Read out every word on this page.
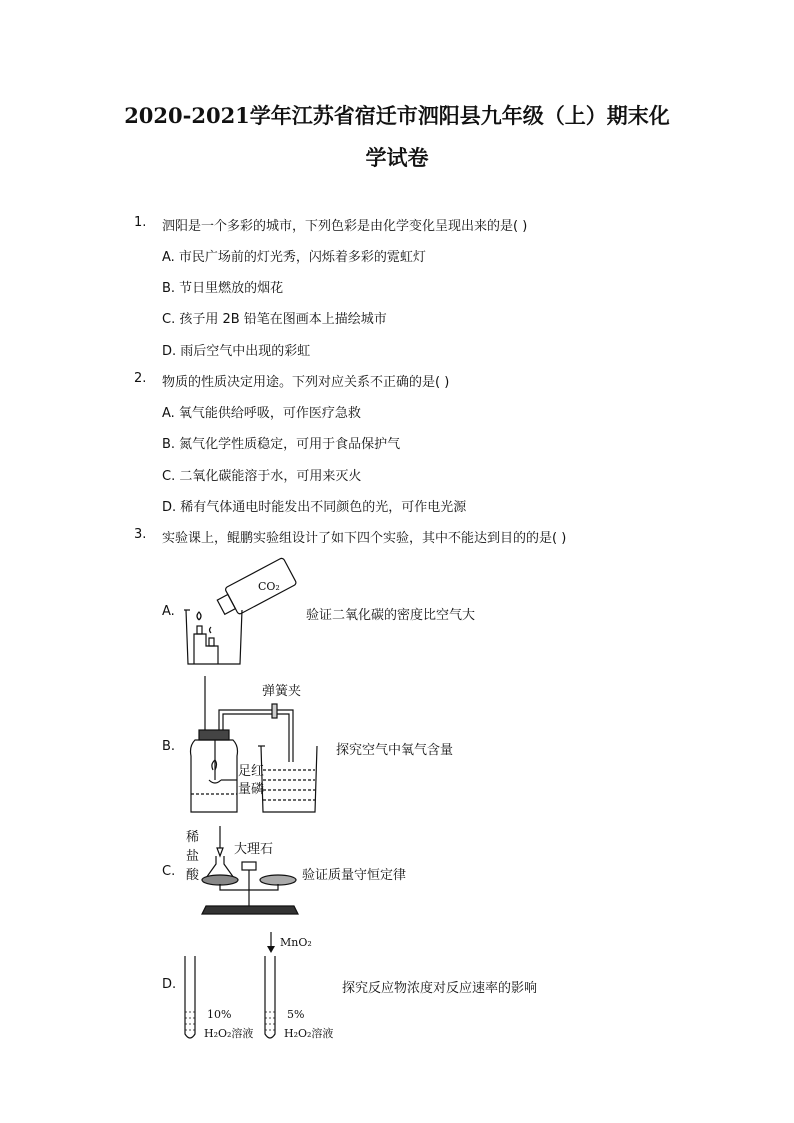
2020-2021学年江苏省宿迁市泗阳县九年级（上）期末化
学试卷
1. 泗阳是一个多彩的城市，下列色彩是由化学变化呈现出来的是( )
A. 市民广场前的灯光秀，闪烁着多彩的霓虹灯
B. 节日里燃放的烟花
C. 孩子用 2B 铅笔在图画本上描绘城市
D. 雨后空气中出现的彩虹
2. 物质的性质决定用途。下列对应关系不正确的是( )
A. 氧气能供给呼吸，可作医疗急救
B. 氮气化学性质稳定，可用于食品保护气
C. 二氧化碳能溶于水，可用来灭火
D. 稀有气体通电时能发出不同颜色的光，可作电光源
3. 实验课上，鲲鹏实验组设计了如下四个实验，其中不能达到目的的是( )
A.
CO₂
验证二氧化碳的密度比空气大
B.
弹簧夹
足红
量磷
探究空气中氧气含量
C.
稀
盐
酸
大理石
验证质量守恒定律
D.
MnO₂
10%
H₂O₂溶液
5%
H₂O₂溶液
探究反应物浓度对反应速率的影响
